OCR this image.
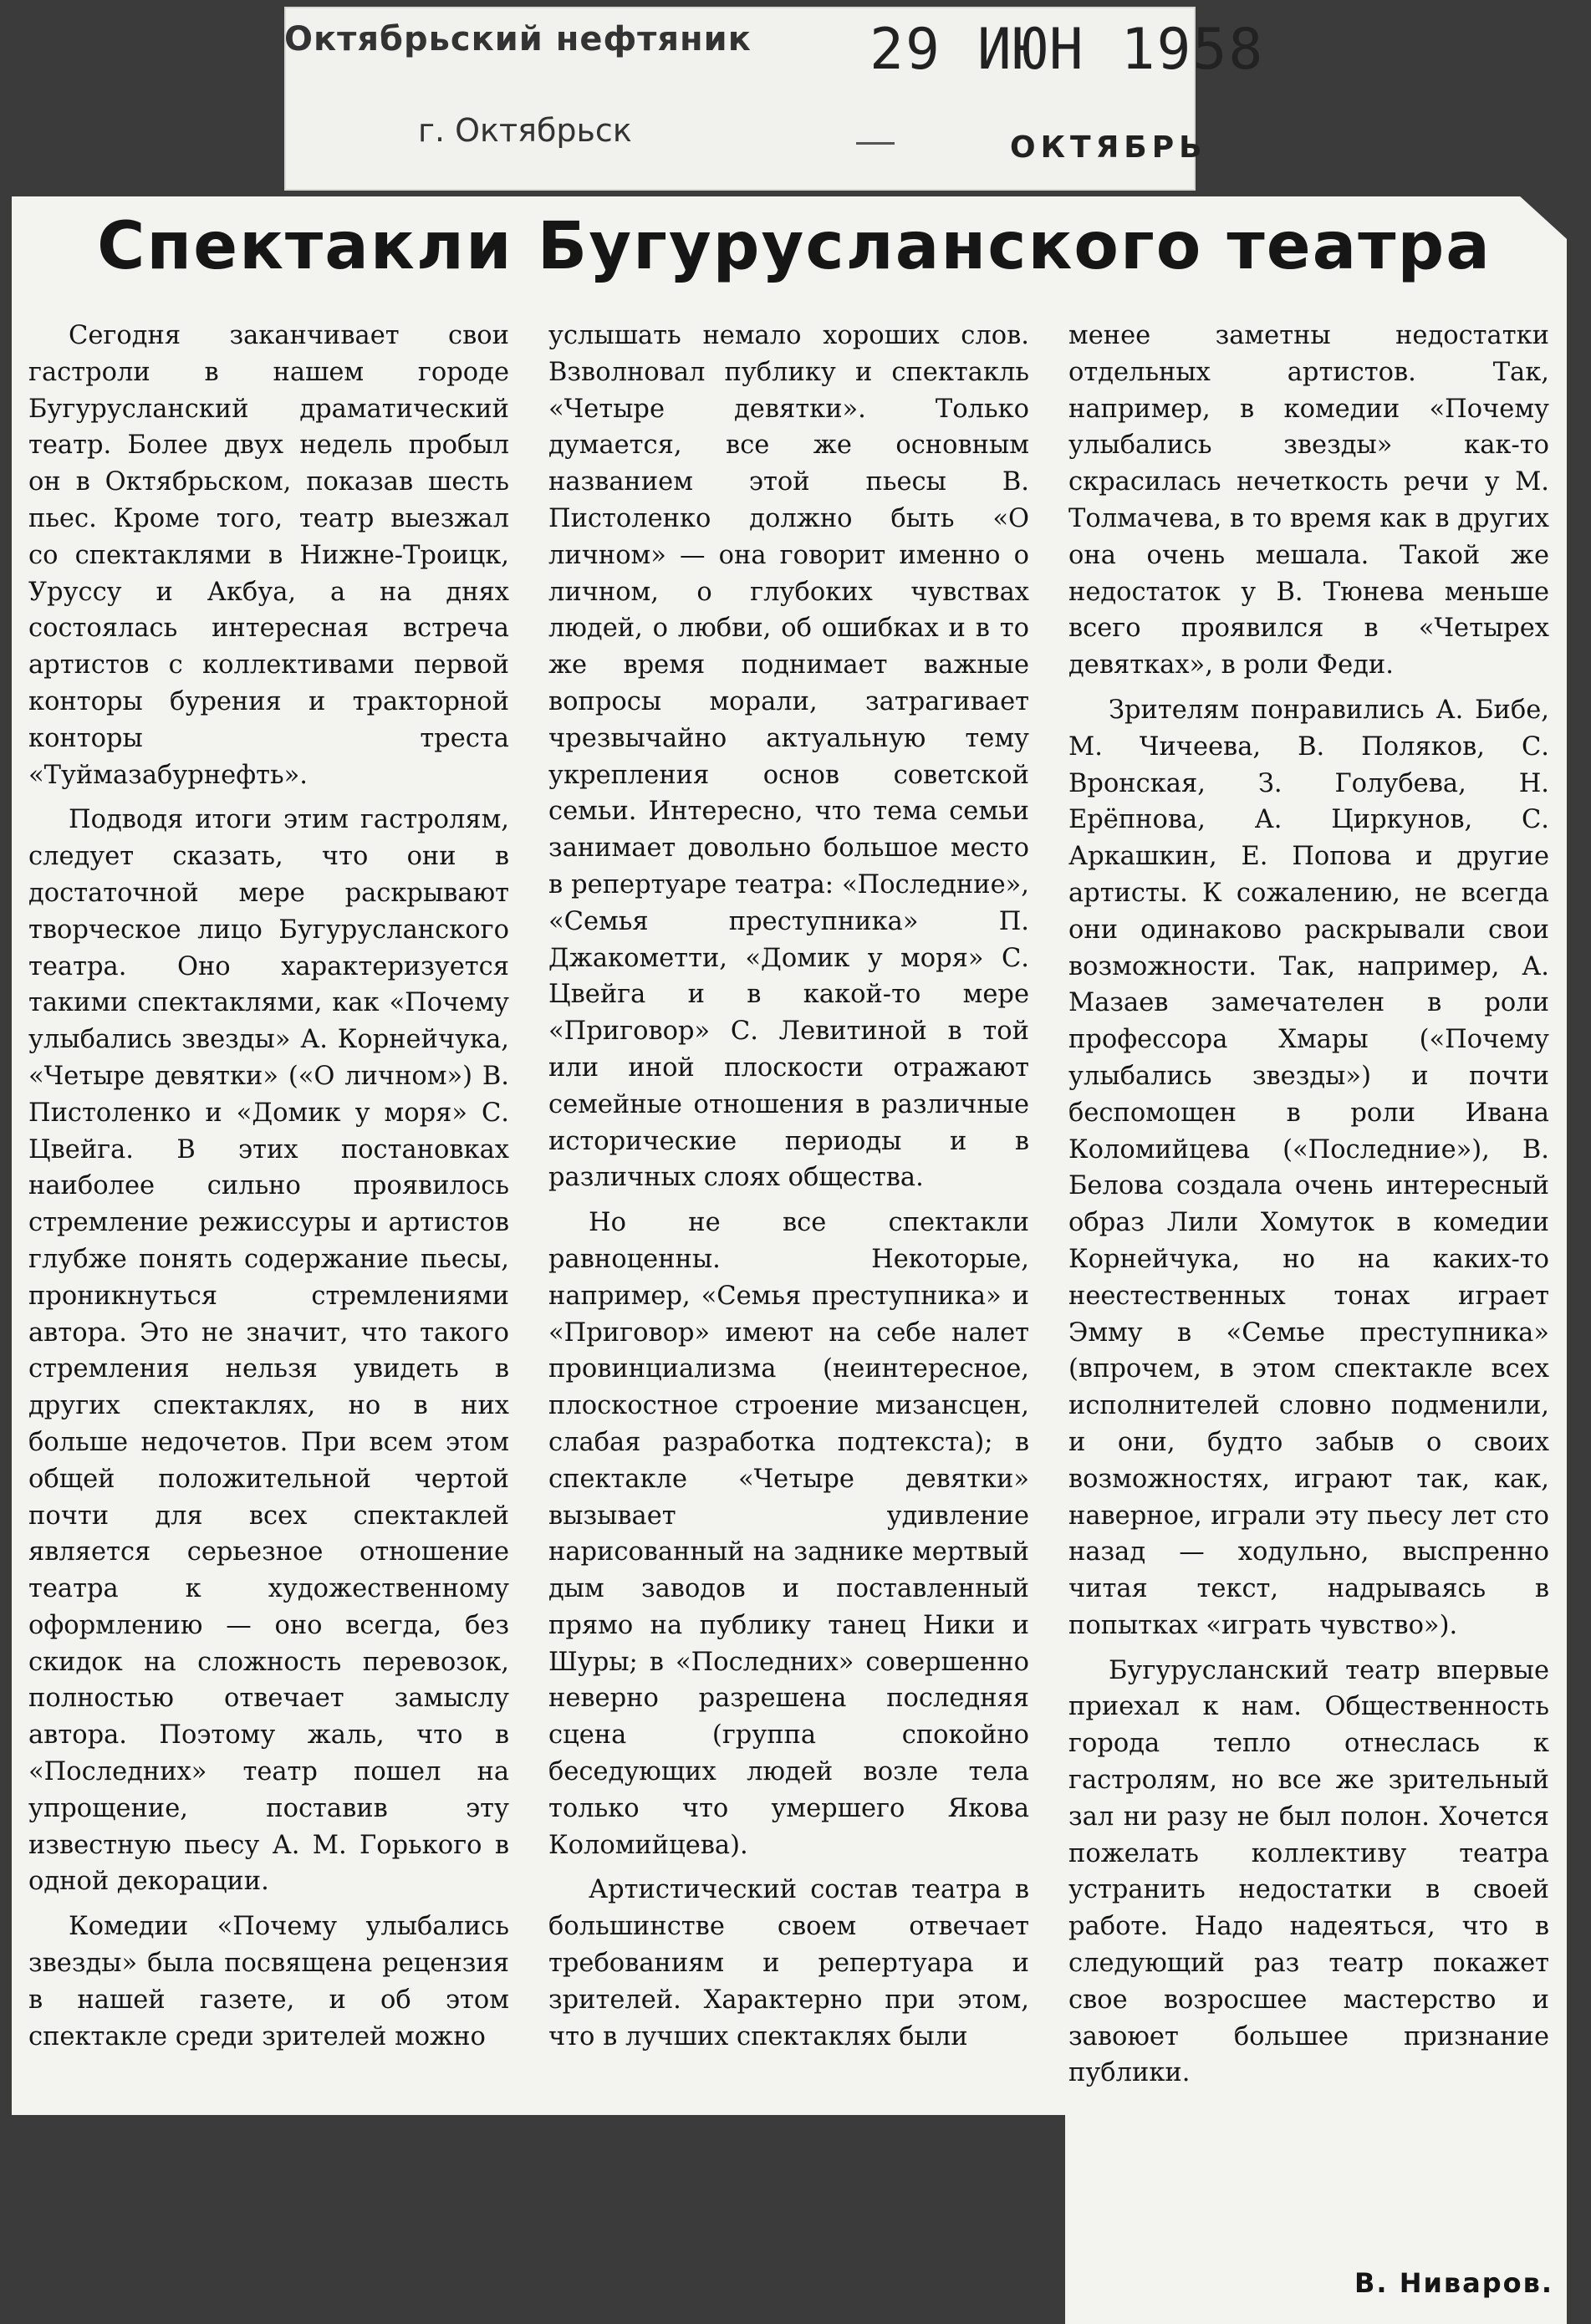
Октябрьский нефтяник
г. Октябрьск
29 ИЮН 1958
ОКТЯБРЬ
Спектакли Бугурусланского театра

Сегодня заканчивает свои гастроли в нашем городе Бугурусланский драматический театр. Более двух недель пробыл он в Октябрьском, показав шесть пьес. Кроме того, театр выезжал со спектаклями в Нижне-Троицк, Уруссу и Акбуа, а на днях состоялась интересная встреча артистов с коллективами первой конторы бурения и тракторной конторы треста «Туймазабурнефть».

Подводя итоги этим гастролям, следует сказать, что они в достаточной мере раскрывают творческое лицо Бугурусланского театра. Оно характеризуется такими спектаклями, как «Почему улыбались звезды» А. Корнейчука, «Четыре девятки» («О личном») В. Пистоленко и «Домик у моря» С. Цвейга. В этих постановках наиболее сильно проявилось стремление режиссуры и артистов глубже понять содержание пьесы, проникнуться стремлениями автора. Это не значит, что такого стремления нельзя увидеть в других спектаклях, но в них больше недочетов. При всем этом общей положительной чертой почти для всех спектаклей является серьезное отношение театра к художественному оформлению — оно всегда, без скидок на сложность перевозок, полностью отвечает замыслу автора. Поэтому жаль, что в «Последних» театр пошел на упрощение, поставив эту известную пьесу А. М. Горького в одной декорации.

Комедии «Почему улыбались звезды» была посвящена рецензия в нашей газете, и об этом спектакле среди зрителей можно

услышать немало хороших слов. Взволновал публику и спектакль «Четыре девятки». Только думается, все же основным названием этой пьесы В. Пистоленко должно быть «О личном» — она говорит именно о личном, о глубоких чувствах людей, о любви, об ошибках и в то же время поднимает важные вопросы морали, затрагивает чрезвычайно актуальную тему укрепления основ советской семьи. Интересно, что тема семьи занимает довольно большое место в репертуаре театра: «Последние», «Семья преступника» П. Джакометти, «Домик у моря» С. Цвейга и в какой-то мере «Приговор» С. Левитиной в той или иной плоскости отражают семейные отношения в различные исторические периоды и в различных слоях общества.

Но не все спектакли равноценны. Некоторые, например, «Семья преступника» и «Приговор» имеют на себе налет провинциализма (неинтересное, плоскостное строение мизансцен, слабая разработка подтекста); в спектакле «Четыре девятки» вызывает удивление нарисованный на заднике мертвый дым заводов и поставленный прямо на публику танец Ники и Шуры; в «Последних» совершенно неверно разрешена последняя сцена (группа спокойно беседующих людей возле тела только что умершего Якова Коломийцева).

Артистический состав театра в большинстве своем отвечает требованиям и репертуара и зрителей. Характерно при этом, что в лучших спектаклях были

менее заметны недостатки отдельных артистов. Так, например, в комедии «Почему улыбались звезды» как-то скрасилась нечеткость речи у М. Толмачева, в то время как в других она очень мешала. Такой же недостаток у В. Тюнева меньше всего проявился в «Четырех девятках», в роли Феди.

Зрителям понравились А. Бибе, М. Чичеева, В. Поляков, С. Вронская, З. Голубева, Н. Ерёпнова, А. Циркунов, С. Аркашкин, Е. Попова и другие артисты. К сожалению, не всегда они одинаково раскрывали свои возможности. Так, например, А. Мазаев замечателен в роли профессора Хмары («Почему улыбались звезды») и почти беспомощен в роли Ивана Коломийцева («Последние»), В. Белова создала очень интересный образ Лили Хомуток в комедии Корнейчука, но на каких-то неестественных тонах играет Эмму в «Семье преступника» (впрочем, в этом спектакле всех исполнителей словно подменили, и они, будто забыв о своих возможностях, играют так, как, наверное, играли эту пьесу лет сто назад — ходульно, выспренно читая текст, надрываясь в попытках «играть чувство»).

Бугурусланский театр впервые приехал к нам. Общественность города тепло отнеслась к гастролям, но все же зрительный зал ни разу не был полон. Хочется пожелать коллективу театра устранить недостатки в своей работе. Надо надеяться, что в следующий раз театр покажет свое возросшее мастерство и завоюет большее признание публики.

В. Ниваров.
